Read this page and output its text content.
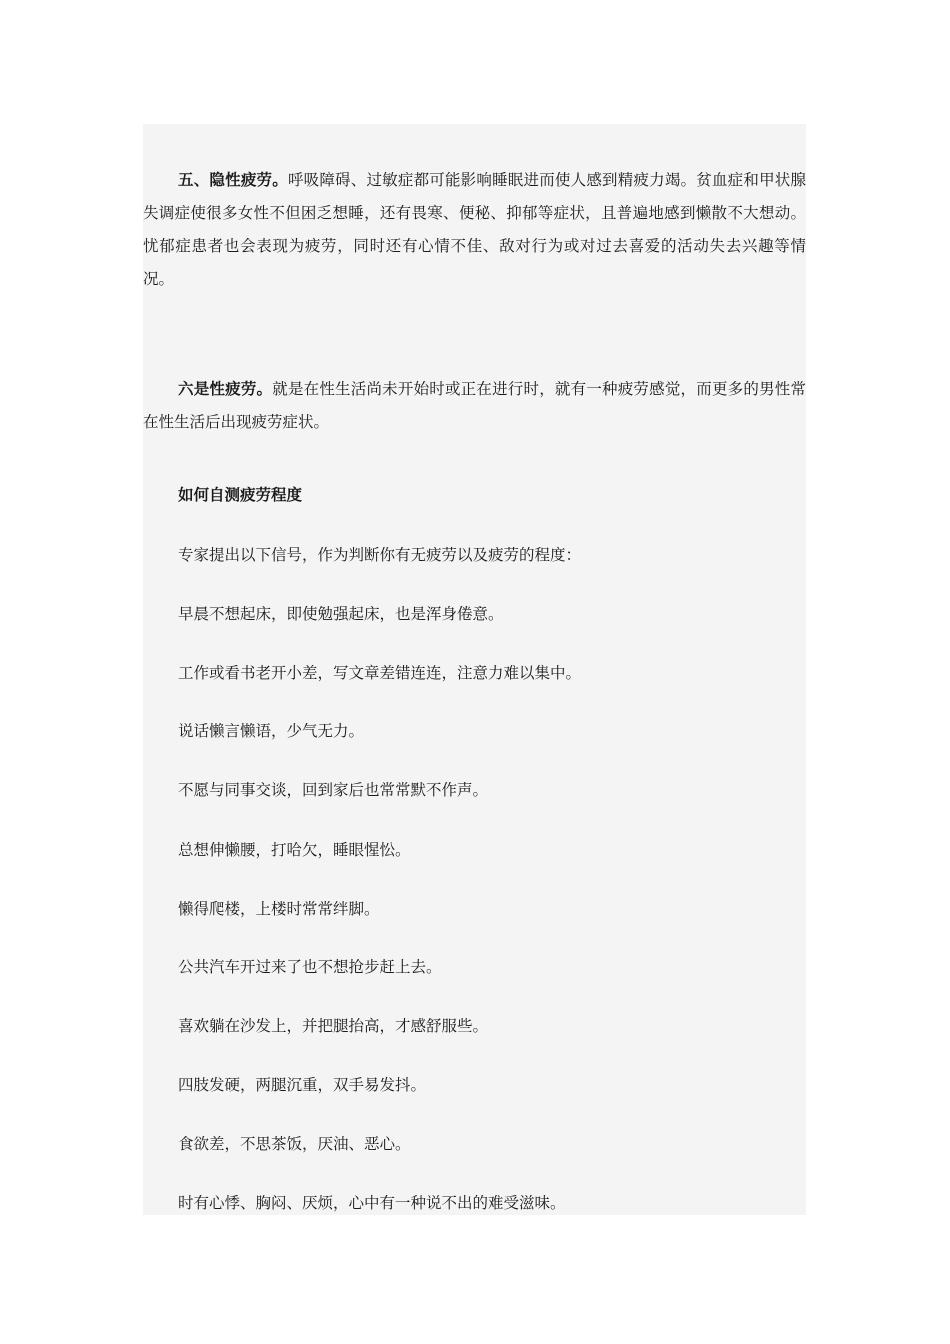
五、隐性疲劳。呼吸障碍、过敏症都可能影响睡眠进而使人感到精疲力竭。贫血症和甲状腺失调症使很多女性不但困乏想睡，还有畏寒、便秘、抑郁等症状，且普遍地感到懒散不大想动。忧郁症患者也会表现为疲劳，同时还有心情不佳、敌对行为或对过去喜爱的活动失去兴趣等情况。

六是性疲劳。就是在性生活尚未开始时或正在进行时，就有一种疲劳感觉，而更多的男性常在性生活后出现疲劳症状。

如何自测疲劳程度

专家提出以下信号，作为判断你有无疲劳以及疲劳的程度：

早晨不想起床，即使勉强起床，也是浑身倦意。

工作或看书老开小差，写文章差错连连，注意力难以集中。

说话懒言懒语，少气无力。

不愿与同事交谈，回到家后也常常默不作声。

总想伸懒腰，打哈欠，睡眼惺忪。

懒得爬楼，上楼时常常绊脚。

公共汽车开过来了也不想抢步赶上去。

喜欢躺在沙发上，并把腿抬高，才感舒服些。

四肢发硬，两腿沉重，双手易发抖。

食欲差，不思茶饭，厌油、恶心。

时有心悸、胸闷、厌烦，心中有一种说不出的难受滋味。
